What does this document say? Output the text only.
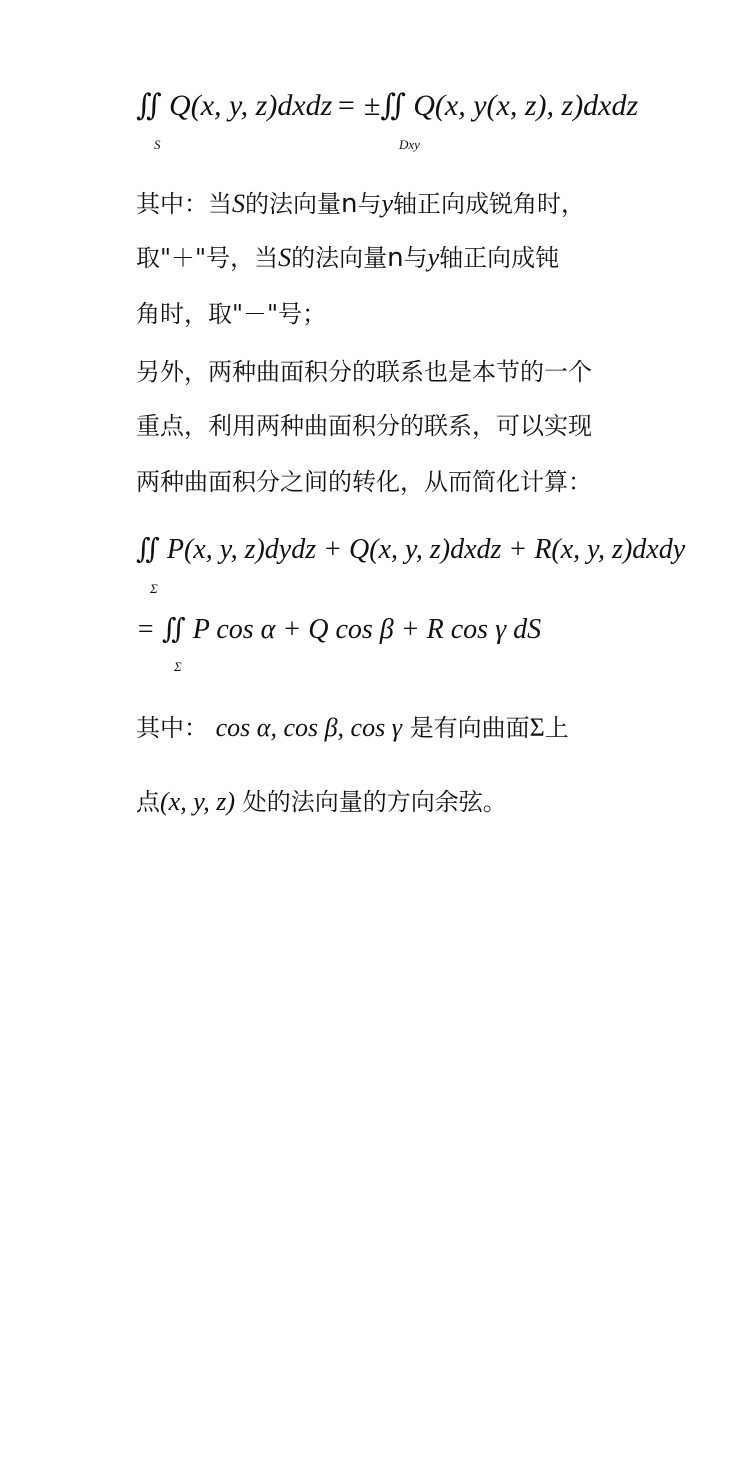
∬ Q(x, y, z)dxdz
S
= ±∬ Q(x, y(x, z), z)dxdz
Dxy
其中：当S的法向量n与y轴正向成锐角时，
取"＋"号，当S的法向量n与y轴正向成钝
角时，取"－"号；
另外，两种曲面积分的联系也是本节的一个
重点，利用两种曲面积分的联系，可以实现
两种曲面积分之间的转化，从而简化计算：
∬ P(x, y, z)dydz + Q(x, y, z)dxdz + R(x, y, z)dxdy
Σ
= ∬ P cos α + Q cos β + R cos γ dS
Σ
其中： cos α, cos β, cos γ 是有向曲面Σ上
点(x, y, z) 处的法向量的方向余弦。
